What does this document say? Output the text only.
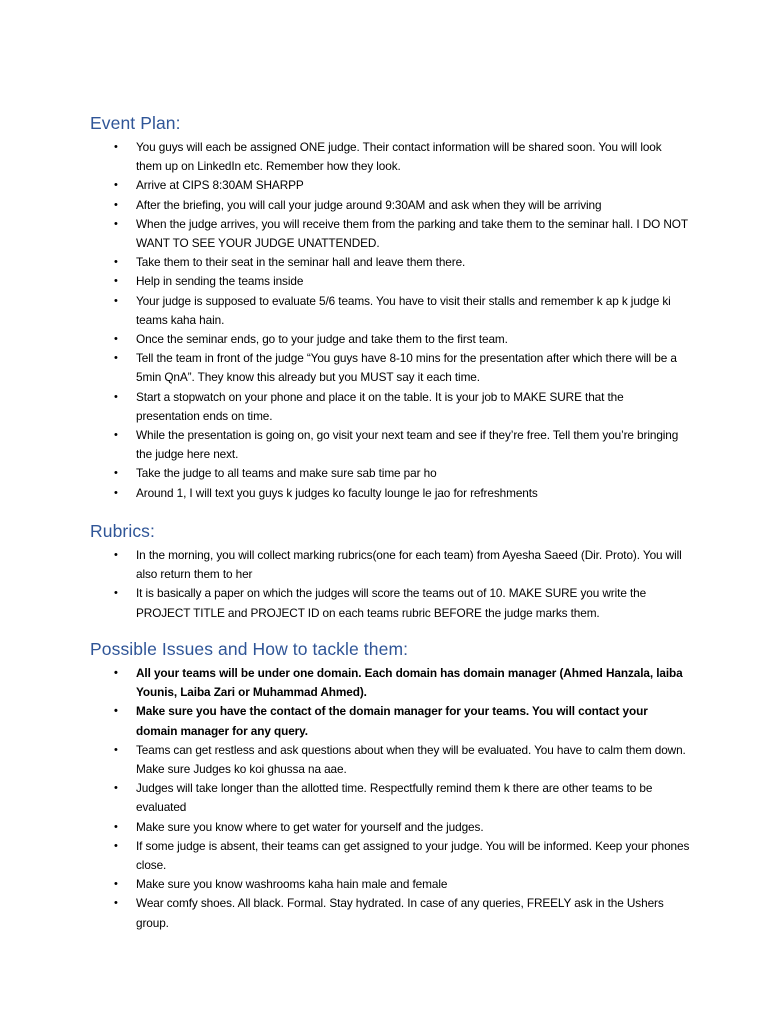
Event Plan:
• You guys will each be assigned ONE judge. Their contact information will be shared soon. You will look them up on LinkedIn etc. Remember how they look.
• Arrive at CIPS 8:30AM SHARPP
• After the briefing, you will call your judge around 9:30AM and ask when they will be arriving
• When the judge arrives, you will receive them from the parking and take them to the seminar hall. I DO NOT WANT TO SEE YOUR JUDGE UNATTENDED.
• Take them to their seat in the seminar hall and leave them there.
• Help in sending the teams inside
• Your judge is supposed to evaluate 5/6 teams. You have to visit their stalls and remember k ap k judge ki teams kaha hain.
• Once the seminar ends, go to your judge and take them to the first team.
• Tell the team in front of the judge “You guys have 8-10 mins for the presentation after which there will be a 5min QnA”. They know this already but you MUST say it each time.
• Start a stopwatch on your phone and place it on the table. It is your job to MAKE SURE that the presentation ends on time.
• While the presentation is going on, go visit your next team and see if they’re free. Tell them you’re bringing the judge here next.
• Take the judge to all teams and make sure sab time par ho
• Around 1, I will text you guys k judges ko faculty lounge le jao for refreshments
Rubrics:
• In the morning, you will collect marking rubrics(one for each team) from Ayesha Saeed (Dir. Proto). You will also return them to her
• It is basically a paper on which the judges will score the teams out of 10. MAKE SURE you write the PROJECT TITLE and PROJECT ID on each teams rubric BEFORE the judge marks them.
Possible Issues and How to tackle them:
• All your teams will be under one domain. Each domain has domain manager (Ahmed Hanzala, laiba Younis, Laiba Zari or Muhammad Ahmed).
• Make sure you have the contact of the domain manager for your teams. You will contact your domain manager for any query.
• Teams can get restless and ask questions about when they will be evaluated. You have to calm them down. Make sure Judges ko koi ghussa na aae.
• Judges will take longer than the allotted time. Respectfully remind them k there are other teams to be evaluated
• Make sure you know where to get water for yourself and the judges.
• If some judge is absent, their teams can get assigned to your judge. You will be informed. Keep your phones close.
• Make sure you know washrooms kaha hain male and female
• Wear comfy shoes. All black. Formal. Stay hydrated. In case of any queries, FREELY ask in the Ushers group.
